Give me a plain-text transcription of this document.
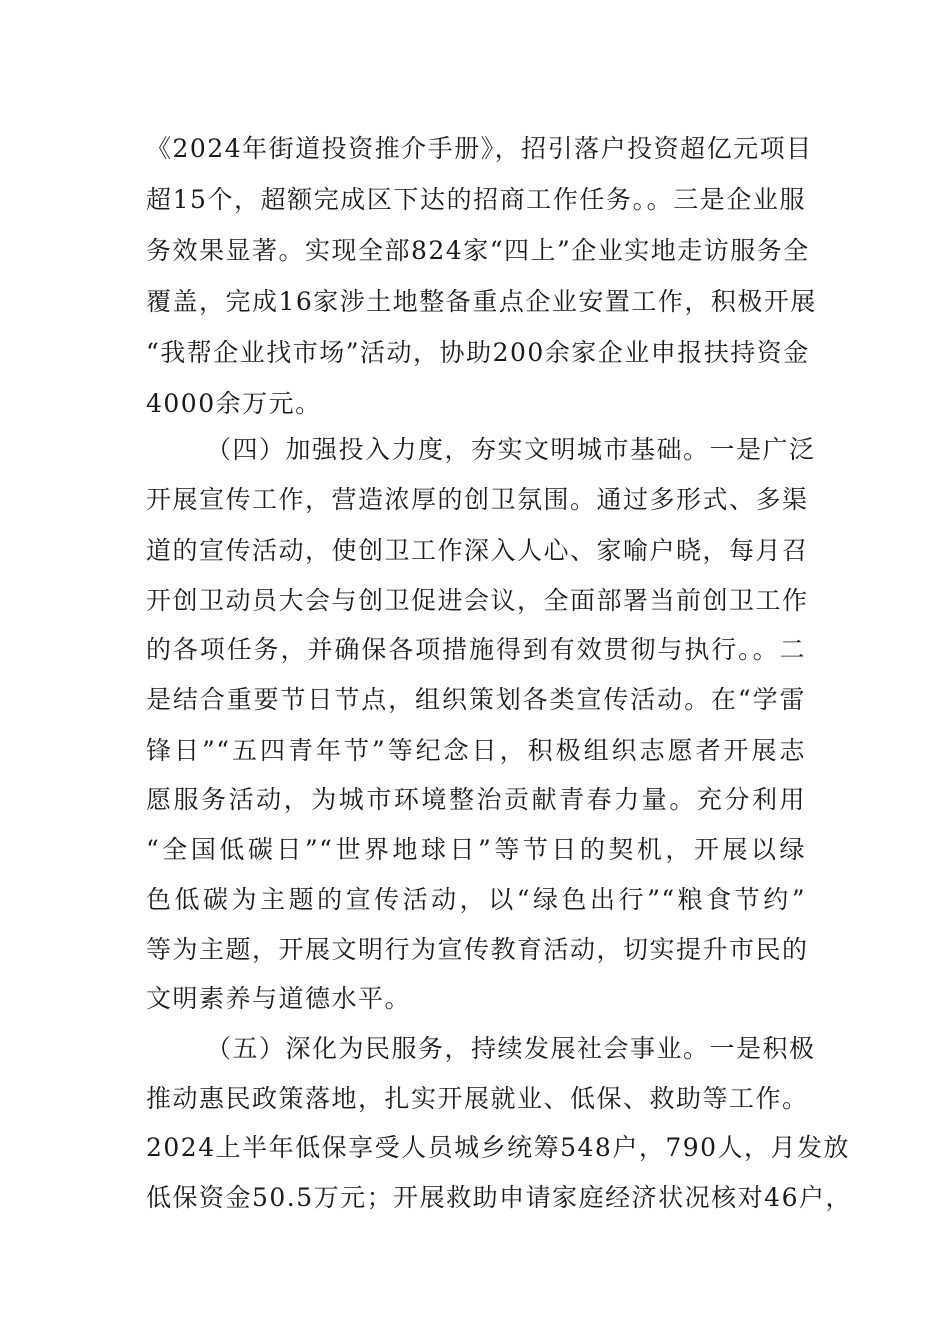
《2024年街道投资推介手册》，招引落户投资超亿元项目
超15个，超额完成区下达的招商工作任务。。三是企业服
务效果显著。实现全部824家“四上”企业实地走访服务全
覆盖，完成16家涉土地整备重点企业安置工作，积极开展
“我帮企业找市场”活动，协助200余家企业申报扶持资金
4000余万元。
（四）加强投入力度，夯实文明城市基础。一是广泛
开展宣传工作，营造浓厚的创卫氛围。通过多形式、多渠
道的宣传活动，使创卫工作深入人心、家喻户晓，每月召
开创卫动员大会与创卫促进会议，全面部署当前创卫工作
的各项任务，并确保各项措施得到有效贯彻与执行。。二
是结合重要节日节点，组织策划各类宣传活动。在“学雷
锋日”“五四青年节”等纪念日，积极组织志愿者开展志
愿服务活动，为城市环境整治贡献青春力量。充分利用
“全国低碳日”“世界地球日”等节日的契机，开展以绿
色低碳为主题的宣传活动，以“绿色出行”“粮食节约”
等为主题，开展文明行为宣传教育活动，切实提升市民的
文明素养与道德水平。
（五）深化为民服务，持续发展社会事业。一是积极
推动惠民政策落地，扎实开展就业、低保、救助等工作。
2024上半年低保享受人员城乡统筹548户，790人，月发放
低保资金50.5万元；开展救助申请家庭经济状况核对46户，
